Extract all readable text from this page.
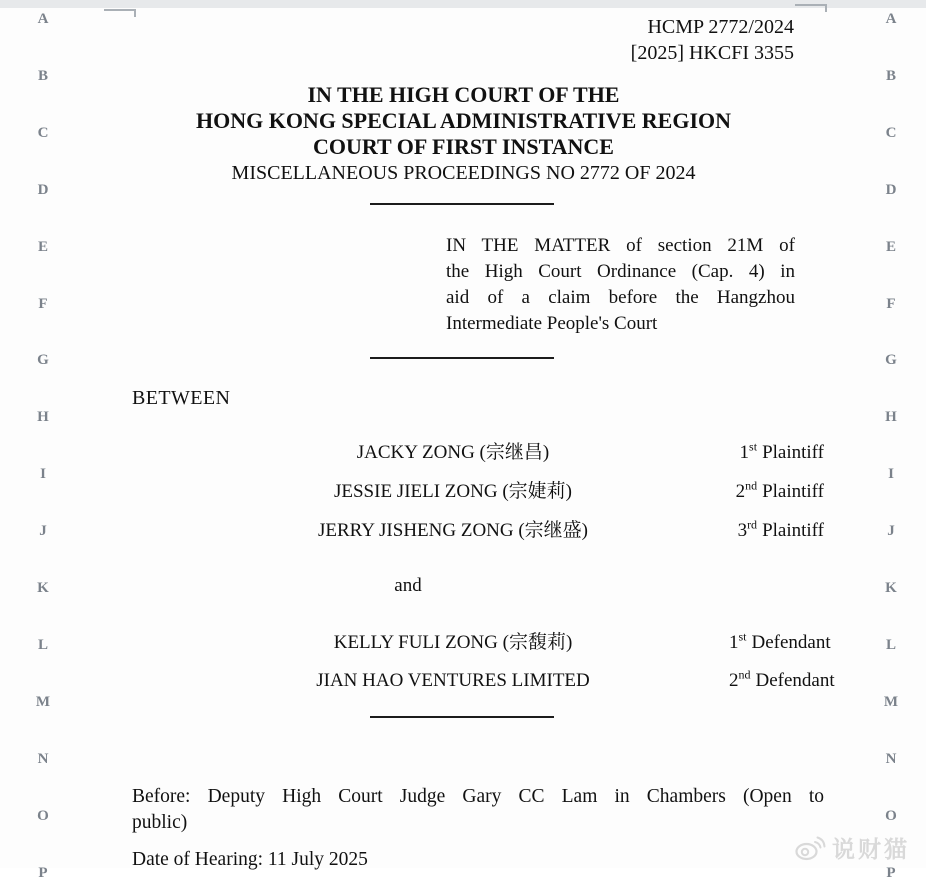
A
B
C
D
E
F
G
H
I
J
K
L
M
N
O
P
A
B
C
D
E
F
G
H
I
J
K
L
M
N
O
P
HCMP 2772/2024
[2025] HKCFI 3355
IN THE HIGH COURT OF THE
HONG KONG SPECIAL ADMINISTRATIVE REGION
COURT OF FIRST INSTANCE
MISCELLANEOUS PROCEEDINGS NO 2772 OF 2024
IN THE MATTER of section 21M of
the High Court Ordinance (Cap. 4) in
aid of a claim before the Hangzhou
Intermediate People's Court
BETWEEN
JACKY ZONG (宗继昌)	1st Plaintiff
JESSIE JIELI ZONG (宗婕莉)	2nd Plaintiff
JERRY JISHENG ZONG (宗继盛)	3rd Plaintiff
and
KELLY FULI ZONG (宗馥莉)	1st Defendant
JIAN HAO VENTURES LIMITED	2nd Defendant
Before: Deputy High Court Judge Gary CC Lam in Chambers (Open to
public)
Date of Hearing: 11 July 2025	说财猫
